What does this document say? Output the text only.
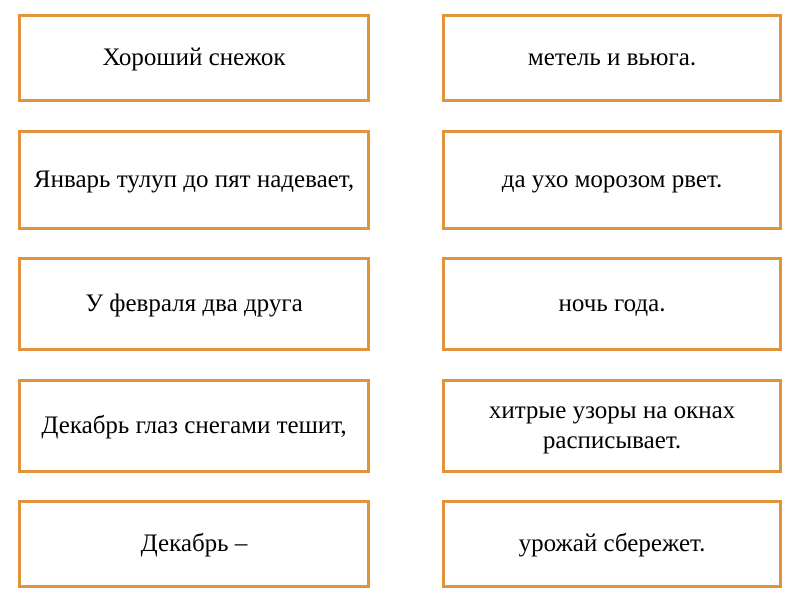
Хороший снежок
Январь тулуп до пят надевает,
У февраля два друга
Декабрь глаз снегами тешит,
Декабрь –
метель и вьюга.
да ухо морозом рвет.
ночь года.
хитрые узоры на окнах расписывает.
урожай сбережет.
